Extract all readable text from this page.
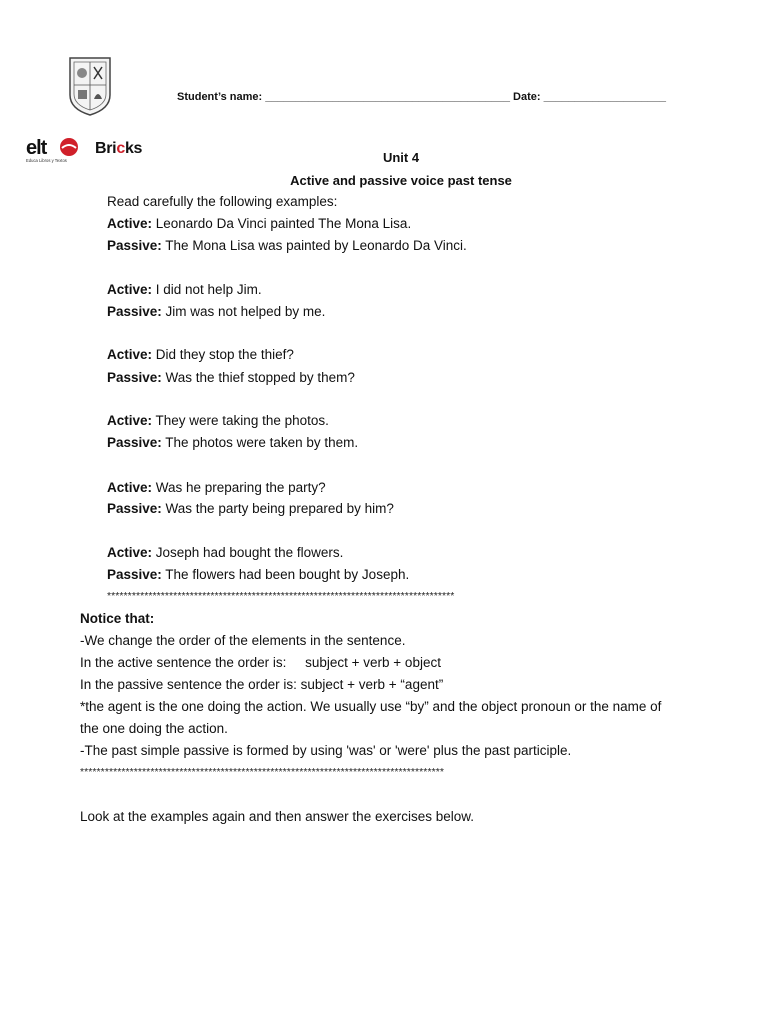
Student’s name: ________________________________________ Date: ____________________
elt
Educa Libros y Textos
Bricks
Unit 4
Active and passive voice past tense
Read carefully the following examples:
Active: Leonardo Da Vinci painted The Mona Lisa.
Passive: The Mona Lisa was painted by Leonardo Da Vinci.
Active: I did not help Jim.
Passive: Jim was not helped by me.
Active: Did they stop the thief?
Passive: Was the thief stopped by them?
Active: They were taking the photos.
Passive: The photos were taken by them.
Active: Was he preparing the party?
Passive: Was the party being prepared by him?
Active: Joseph had bought the flowers.
Passive: The flowers had been bought by Joseph.
************************************************************************************
Notice that:
-We change the order of the elements in the sentence.
In the active sentence the order is:     subject + verb + object
In the passive sentence the order is: subject + verb + “agent”
*the agent is the one doing the action. We usually use “by” and the object pronoun or the name of
the one doing the action.
-The past simple passive is formed by using 'was' or 'were' plus the past participle.
****************************************************************************************
Look at the examples again and then answer the exercises below.
